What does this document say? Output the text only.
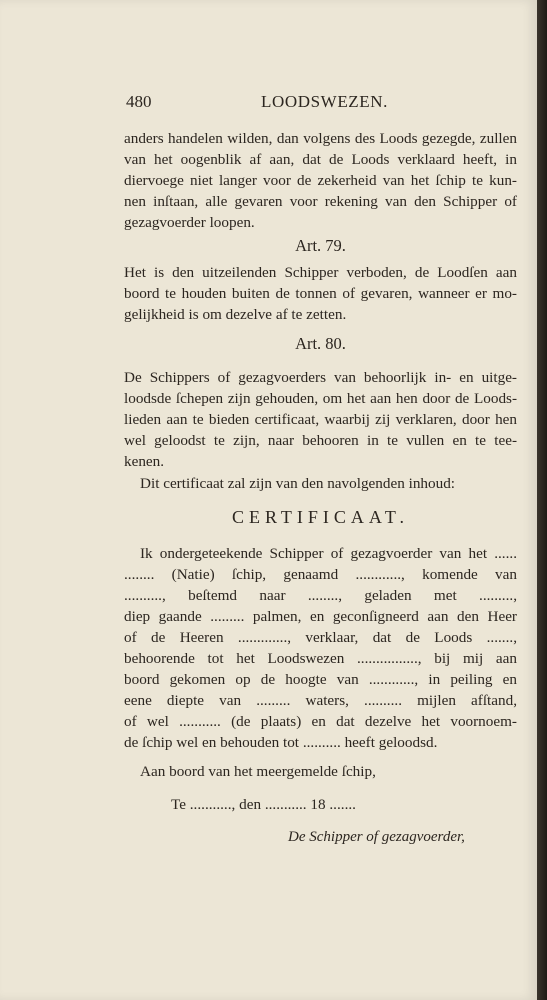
480	LOODSWEZEN.
anders handelen wilden, dan volgens des Loods gezegde, zullen
van het oogenblik af aan, dat de Loods verklaard heeft, in
diervoege niet langer voor de zekerheid van het ſchip te kun-
nen inſtaan, alle gevaren voor rekening van den Schipper of
gezagvoerder loopen.
Art. 79.
Het is den uitzeilenden Schipper verboden, de Loodſen aan
boord te houden buiten de tonnen of gevaren, wanneer er mo-
gelijkheid is om dezelve af te zetten.
Art. 80.
De Schippers of gezagvoerders van behoorlijk in- en uitge-
loodsde ſchepen zijn gehouden, om het aan hen door de Loods-
lieden aan te bieden certificaat, waarbij zij verklaren, door hen
wel geloodst te zijn, naar behooren in te vullen en te tee-
kenen.
Dit certificaat zal zijn van den navolgenden inhoud:
CERTIFICAAT.
Ik ondergeteekende Schipper of gezagvoerder van het ......
........ (Natie) ſchip, genaamd ............, komende van
.........., beſtemd naar ........, geladen met .........,
diep gaande ......... palmen, en geconſigneerd aan den Heer
of de Heeren ............., verklaar, dat de Loods .......,
behoorende tot het Loodswezen ................, bij mij aan
boord gekomen op de hoogte van ............, in peiling en
eene diepte van ......... waters, .......... mijlen afſtand,
of wel ........... (de plaats) en dat dezelve het voornoem-
de ſchip wel en behouden tot .......... heeft geloodsd.
Aan boord van het meergemelde ſchip,
Te ..........., den ........... 18 .......
De Schipper of gezagvoerder,
